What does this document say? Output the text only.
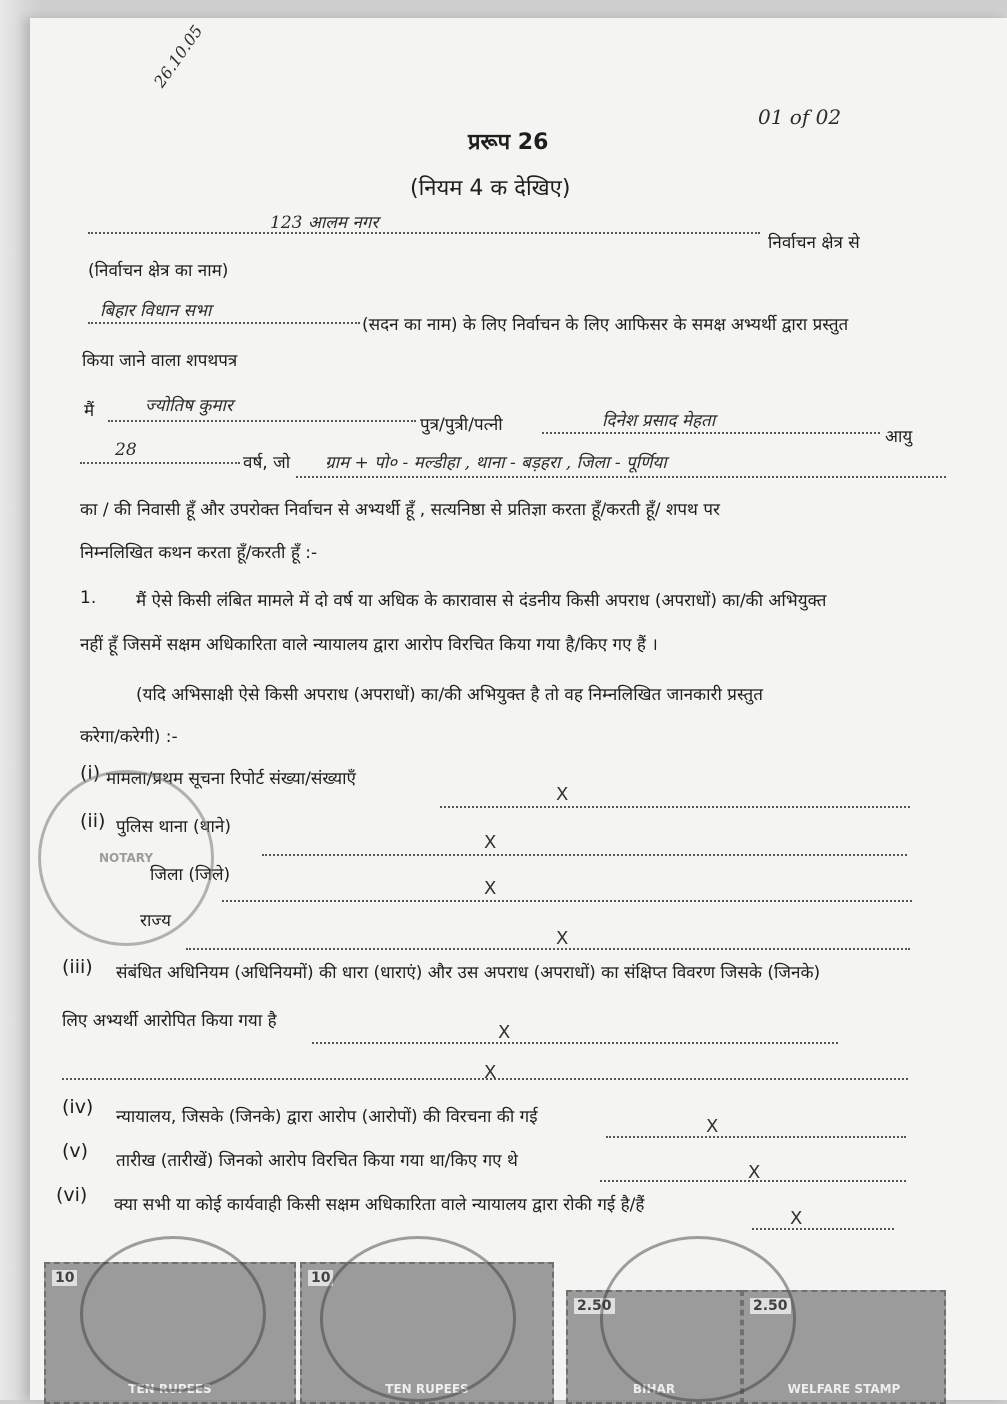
01 of 02
26.10.05
प्ररूप 26
(नियम 4 क देखिए)
123 आलम नगर
निर्वाचन क्षेत्र से
(निर्वाचन क्षेत्र का नाम)
बिहार विधान सभा
(सदन का नाम) के लिए निर्वाचन के लिए आफिसर के समक्ष अभ्यर्थी द्वारा प्रस्तुत
किया जाने वाला शपथपत्र
मैं	ज्योतिष कुमार
पुत्र/पुत्री/पत्नी	दिनेश प्रसाद मेहता
आयु
28
वर्ष, जो ग्राम + पो० - मल्डीहा , थाना - बड़हरा , जिला - पूर्णिया
का / की निवासी हूँ और उपरोक्त निर्वाचन से अभ्यर्थी हूँ , सत्यनिष्ठा से प्रतिज्ञा करता हूँ/करती हूँ/ शपथ पर
निम्नलिखित कथन करता हूँ/करती हूँ :-
1. मैं ऐसे किसी लंबित मामले में दो वर्ष या अधिक के कारावास से दंडनीय किसी अपराध (अपराधों) का/की अभियुक्त
नहीं हूँ जिसमें सक्षम अधिकारिता वाले न्यायालय द्वारा आरोप विरचित किया गया है/किए गए हैं ।
(यदि अभिसाक्षी ऐसे किसी अपराध (अपराधों) का/की अभियुक्त है तो वह निम्नलिखित जानकारी प्रस्तुत
करेगा/करेगी) :-
(i) मामला/प्रथम सूचना रिपोर्ट संख्या/संख्याएँ
X
(ii) पुलिस थाना (थाने)
X
जिला (जिले)
X
राज्य
X
(iii) संबंधित अधिनियम (अधिनियमों) की धारा (धाराएं) और उस अपराध (अपराधों) का संक्षिप्त विवरण जिसके (जिनके)
लिए अभ्यर्थी आरोपित किया गया है
X
X
(iv) न्यायालय, जिसके (जिनके) द्वारा आरोप (आरोपों) की विरचना की गई	X
(v) तारीख (तारीखें) जिनको आरोप विरचित किया गया था/किए गए थे
X
(vi) क्या सभी या कोई कार्यवाही किसी सक्षम अधिकारिता वाले न्यायालय द्वारा रोकी गई है/हैं
X
NOTARY
10
TEN RUPEES
10
TEN RUPEES
2.50
BIHAR
2.50
WELFARE STAMP
